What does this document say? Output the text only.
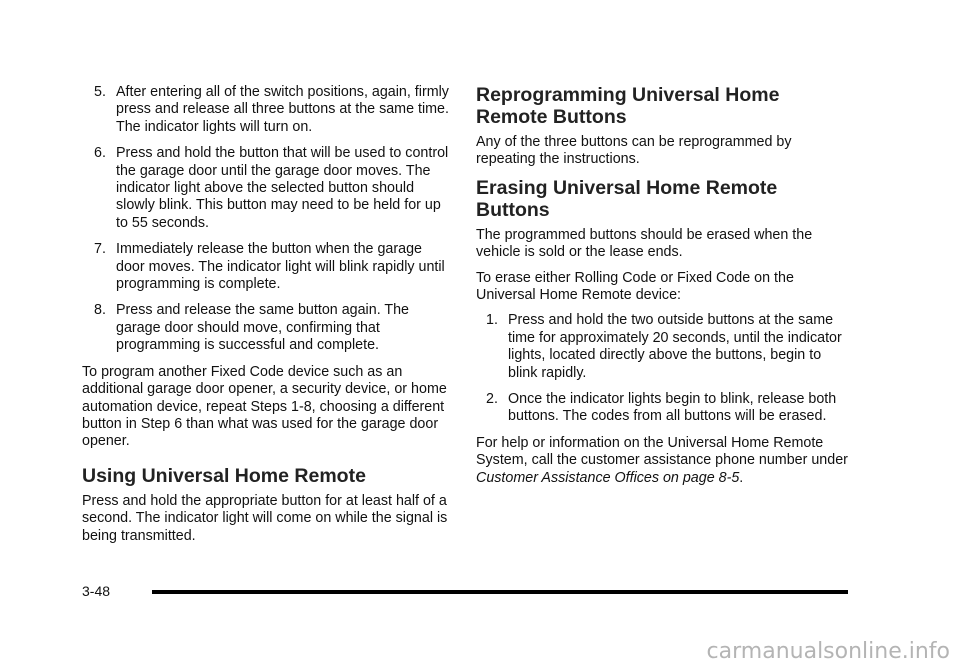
5. After entering all of the switch positions, again, firmly press and release all three buttons at the same time. The indicator lights will turn on.
6. Press and hold the button that will be used to control the garage door until the garage door moves. The indicator light above the selected button should slowly blink. This button may need to be held for up to 55 seconds.
7. Immediately release the button when the garage door moves. The indicator light will blink rapidly until programming is complete.
8. Press and release the same button again. The garage door should move, confirming that programming is successful and complete.

To program another Fixed Code device such as an additional garage door opener, a security device, or home automation device, repeat Steps 1-8, choosing a different button in Step 6 than what was used for the garage door opener.

Using Universal Home Remote

Press and hold the appropriate button for at least half of a second. The indicator light will come on while the signal is being transmitted.

Reprogramming Universal Home Remote Buttons

Any of the three buttons can be reprogrammed by repeating the instructions.

Erasing Universal Home Remote Buttons

The programmed buttons should be erased when the vehicle is sold or the lease ends.

To erase either Rolling Code or Fixed Code on the Universal Home Remote device:

1. Press and hold the two outside buttons at the same time for approximately 20 seconds, until the indicator lights, located directly above the buttons, begin to blink rapidly.
2. Once the indicator lights begin to blink, release both buttons. The codes from all buttons will be erased.

For help or information on the Universal Home Remote System, call the customer assistance phone number under Customer Assistance Offices on page 8-5.

3-48
carmanualsonline.info
